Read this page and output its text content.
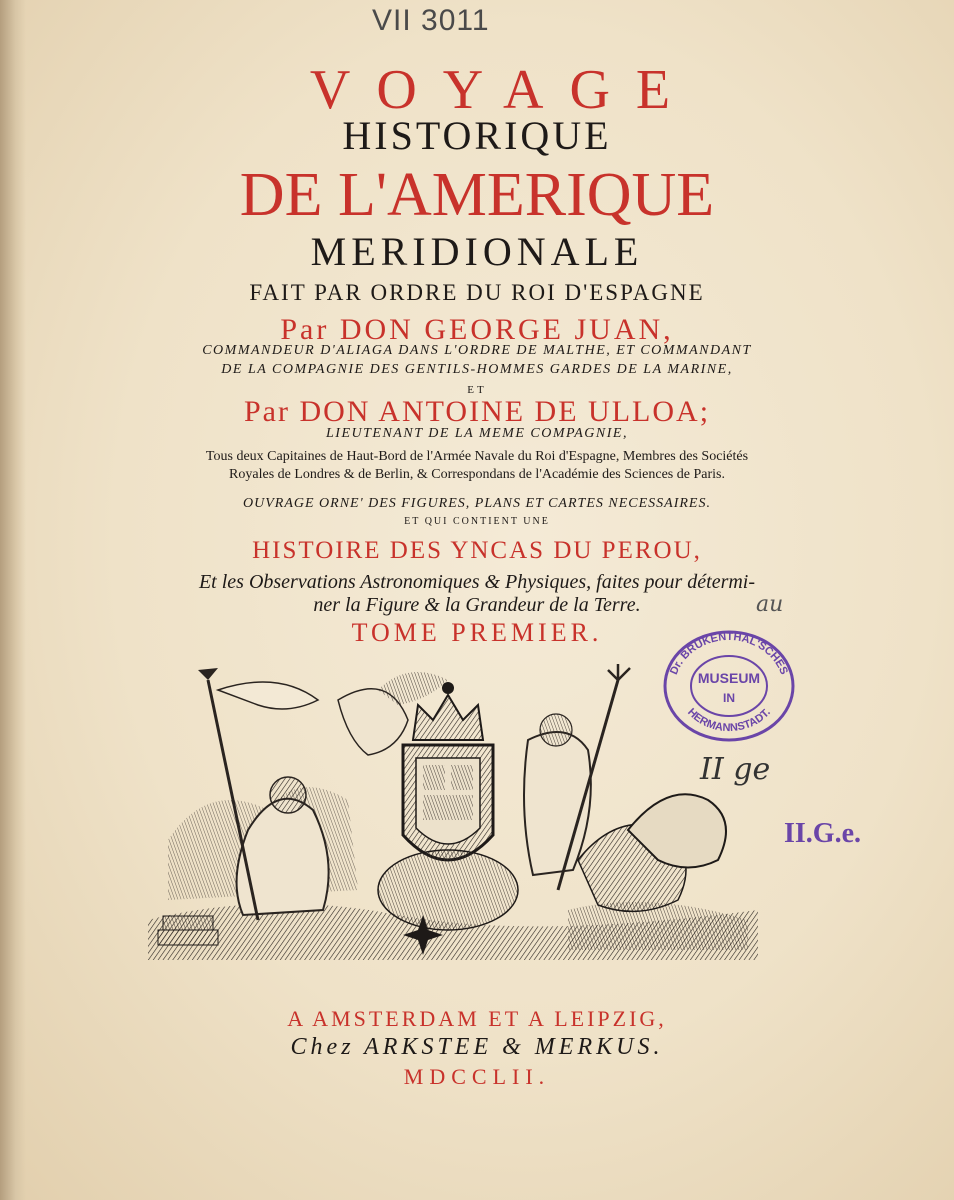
VII 3011
VOYAGE
HISTORIQUE
DE L'AMERIQUE
MERIDIONALE
FAIT PAR ORDRE DU ROI D'ESPAGNE
Par DON GEORGE JUAN,
COMMANDEUR D'ALIAGA DANS L'ORDRE DE MALTHE, ET COMMANDANT
DE LA COMPAGNIE DES GENTILS-HOMMES GARDES DE LA MARINE,
ET
Par DON ANTOINE DE ULLOA;
LIEUTENANT DE LA MEME COMPAGNIE,
Tous deux Capitaines de Haut-Bord de l'Armée Navale du Roi d'Espagne, Membres des Sociétés
Royales de Londres & de Berlin, & Correspondans de l'Académie des Sciences de Paris.
OUVRAGE ORNE' DES FIGURES, PLANS ET CARTES NECESSAIRES.
ET QUI CONTIENT UNE
HISTOIRE DES YNCAS DU PEROU,
Et les Observations Astronomiques & Physiques, faites pour détermi-
ner la Figure & la Grandeur de la Terre.
TOME PREMIER.
au
A AMSTERDAM ET A LEIPZIG,
Chez ARKSTEE & MERKUS.
MDCCLII.
Dr. BRUKENTHAL'SCHES
HERMANNSTADT.
MUSEUM
IN
II ge
II.G.e.
